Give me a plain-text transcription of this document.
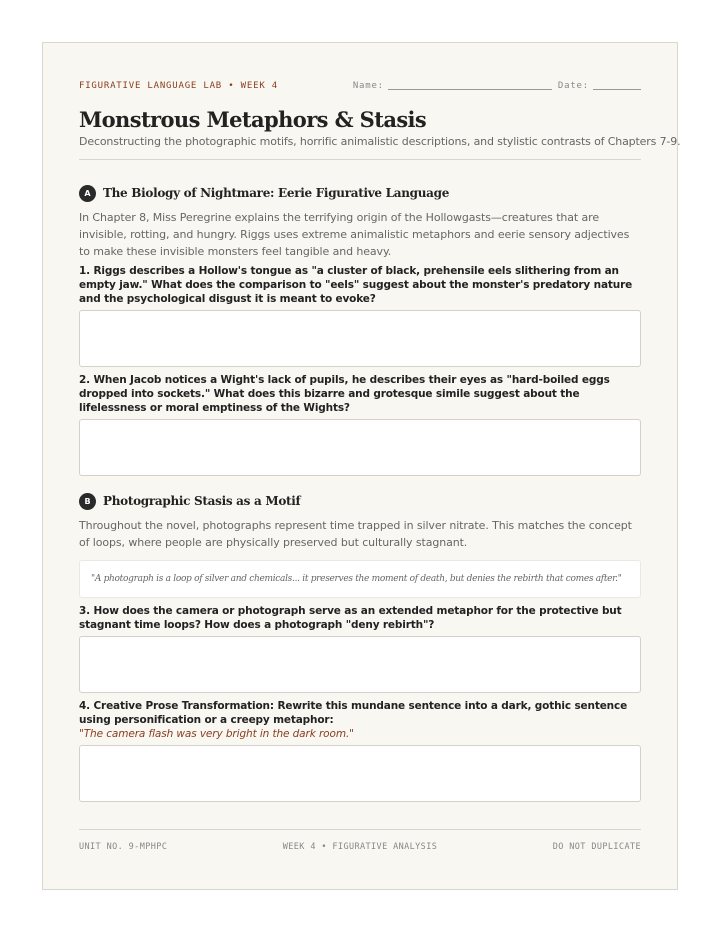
FIGURATIVE LANGUAGE LAB • WEEK 4	Name:	Date:
Monstrous Metaphors & Stasis

Deconstructing the photographic motifs, horrific animalistic descriptions, and stylistic contrasts of Chapters 7-9.

A	The Biology of Nightmare: Eerie Figurative Language

In Chapter 8, Miss Peregrine explains the terrifying origin of the Hollowgasts—creatures that are invisible, rotting, and hungry. Riggs uses extreme animalistic metaphors and eerie sensory adjectives to make these invisible monsters feel tangible and heavy.

1. Riggs describes a Hollow's tongue as "a cluster of black, prehensile eels slithering from an empty jaw." What does the comparison to "eels" suggest about the monster's predatory nature and the psychological disgust it is meant to evoke?

2. When Jacob notices a Wight's lack of pupils, he describes their eyes as "hard-boiled eggs dropped into sockets." What does this bizarre and grotesque simile suggest about the lifelessness or moral emptiness of the Wights?

B	Photographic Stasis as a Motif

Throughout the novel, photographs represent time trapped in silver nitrate. This matches the concept of loops, where people are physically preserved but culturally stagnant.

"A photograph is a loop of silver and chemicals... it preserves the moment of death, but denies the rebirth that comes after."

3. How does the camera or photograph serve as an extended metaphor for the protective but stagnant time loops? How does a photograph "deny rebirth"?

4. Creative Prose Transformation: Rewrite this mundane sentence into a dark, gothic sentence using personification or a creepy metaphor:

"The camera flash was very bright in the dark room."

UNIT NO. 9-MPHPC	WEEK 4 • FIGURATIVE ANALYSIS	DO NOT DUPLICATE
